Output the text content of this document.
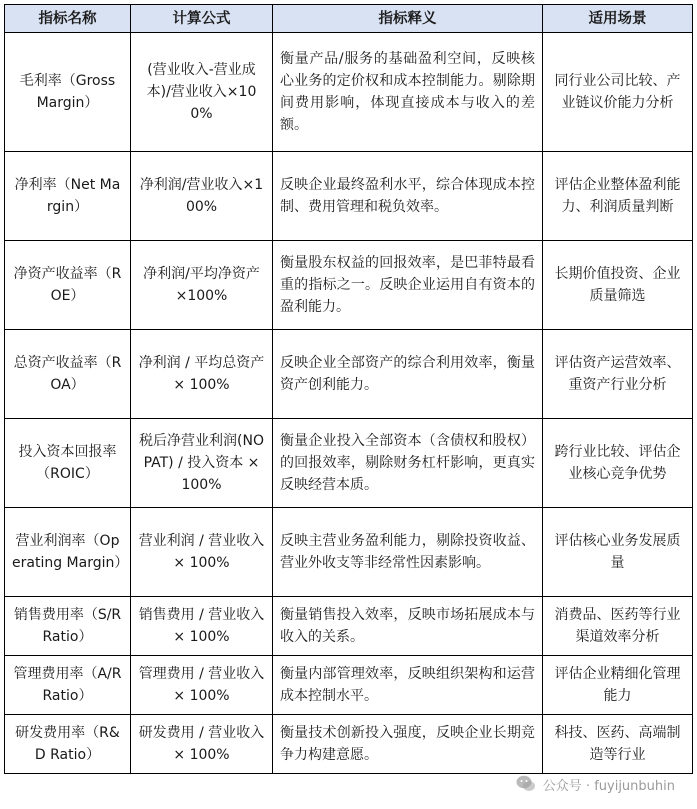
指标名称	计算公式	指标释义	适用场景
毛利率（Gross Margin）	(营业收入-营业成本)/营业收入×100%	衡量产品/服务的基础盈利空间，反映核心业务的定价权和成本控制能力。剔除期间费用影响，体现直接成本与收入的差额。	同行业公司比较、产业链议价能力分析
净利率（Net Margin）	净利润/营业收入×100%	反映企业最终盈利水平，综合体现成本控制、费用管理和税负效率。	评估企业整体盈利能力、利润质量判断
净资产收益率（ROE）	净利润/平均净资产×100%	衡量股东权益的回报效率，是巴菲特最看重的指标之一。反映企业运用自有资本的盈利能力。	长期价值投资、企业质量筛选
总资产收益率（ROA）	净利润 / 平均总资产 × 100%	反映企业全部资产的综合利用效率，衡量资产创利能力。	评估资产运营效率、重资产行业分析
投入资本回报率（ROIC）	税后净营业利润(NOPAT) / 投入资本 × 100%	衡量企业投入全部资本（含债权和股权）的回报效率，剔除财务杠杆影响，更真实反映经营本质。	跨行业比较、评估企业核心竞争优势
营业利润率（Operating Margin）	营业利润 / 营业收入 × 100%	反映主营业务盈利能力，剔除投资收益、营业外收支等非经常性因素影响。	评估核心业务发展质量
销售费用率（S/R Ratio）	销售费用 / 营业收入 × 100%	衡量销售投入效率，反映市场拓展成本与收入的关系。	消费品、医药等行业渠道效率分析
管理费用率（A/R Ratio）	管理费用 / 营业收入 × 100%	衡量内部管理效率，反映组织架构和运营成本控制水平。	评估企业精细化管理能力
研发费用率（R&D Ratio）	研发费用 / 营业收入 × 100%	衡量技术创新投入强度，反映企业长期竞争力构建意愿。	科技、医药、高端制造等行业
公众号 · fuyijunbuhin
